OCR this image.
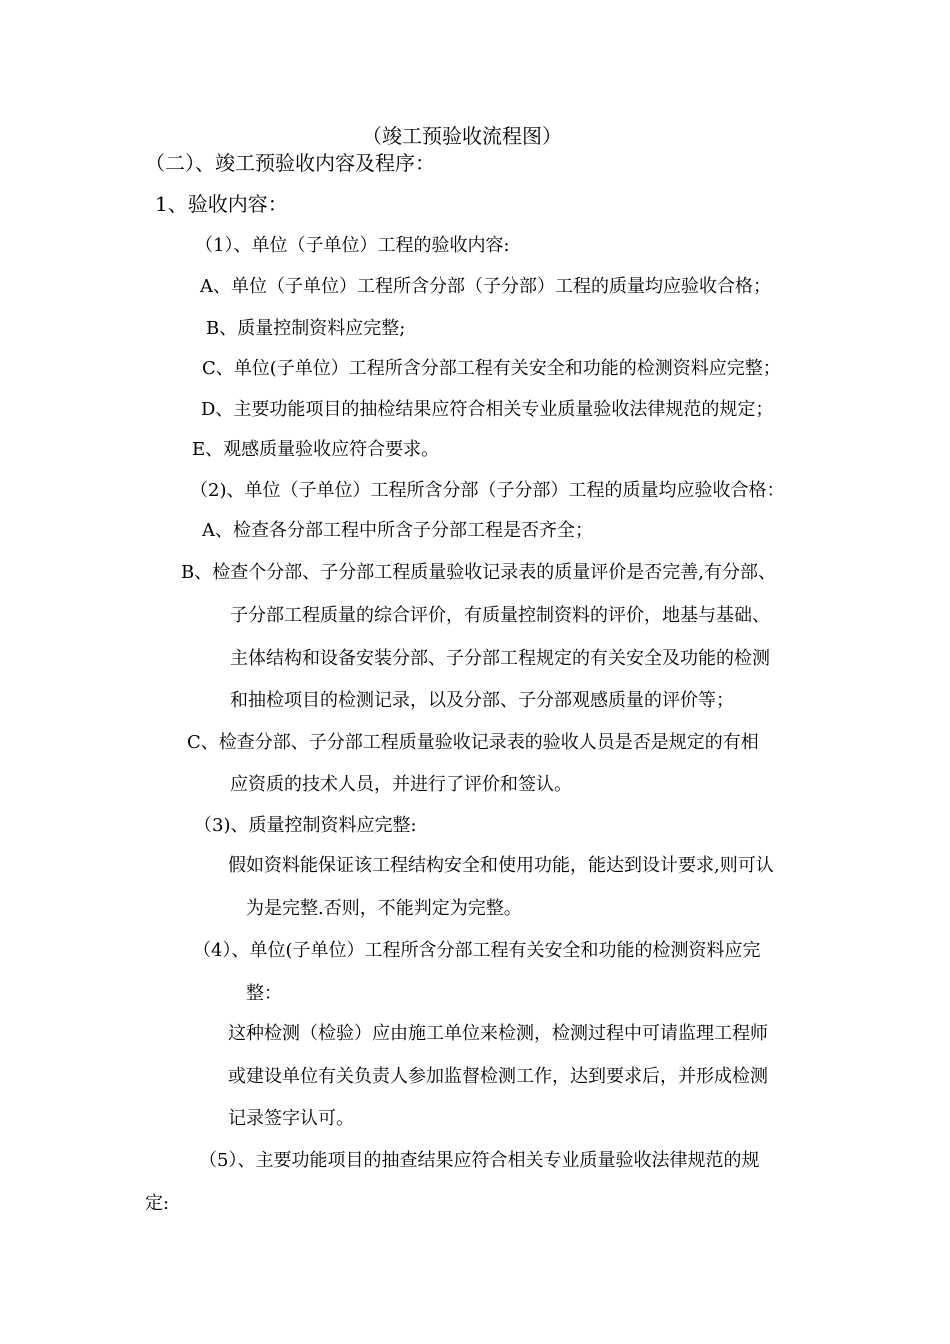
（竣工预验收流程图）
（二）、竣工预验收内容及程序：
1、验收内容：
（1）、单位（子单位）工程的验收内容:
A、单位（子单位）工程所含分部（子分部）工程的质量均应验收合格；
B、质量控制资料应完整;
C、单位(子单位）工程所含分部工程有关安全和功能的检测资料应完整；
D、主要功能项目的抽检结果应符合相关专业质量验收法律规范的规定；
E、观感质量验收应符合要求。
（2)、单位（子单位）工程所含分部（子分部）工程的质量均应验收合格：
A、检查各分部工程中所含子分部工程是否齐全；
B、检查个分部、子分部工程质量验收记录表的质量评价是否完善,有分部、
子分部工程质量的综合评价，有质量控制资料的评价，地基与基础、
主体结构和设备安装分部、子分部工程规定的有关安全及功能的检测
和抽检项目的检测记录，以及分部、子分部观感质量的评价等；
C、检查分部、子分部工程质量验收记录表的验收人员是否是规定的有相
应资质的技术人员，并进行了评价和签认。
（3)、质量控制资料应完整:
假如资料能保证该工程结构安全和使用功能，能达到设计要求,则可认
为是完整.否则，不能判定为完整。
（4）、单位(子单位）工程所含分部工程有关安全和功能的检测资料应完
整：
这种检测（检验）应由施工单位来检测，检测过程中可请监理工程师
或建设单位有关负责人参加监督检测工作，达到要求后，并形成检测
记录签字认可。
（5）、主要功能项目的抽查结果应符合相关专业质量验收法律规范的规
定:
